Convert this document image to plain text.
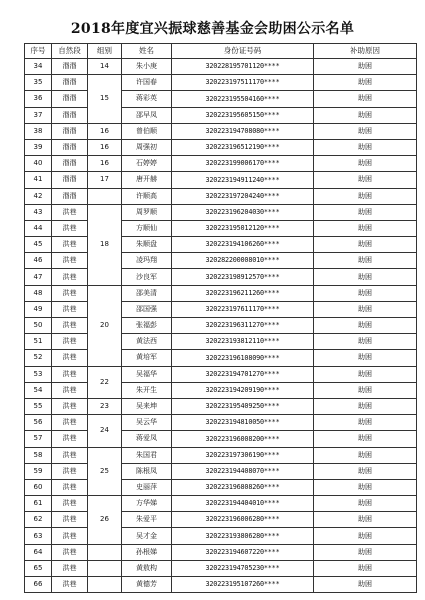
2018年度宜兴振球慈善基金会助困公示名单
序号	自然段	组别	姓名	身份证号码	补助原因
34	湣湣	14	朱小庚	320228195701120****	助困
35	湣湣	15	许国春	320223197511170****	助困
36	湣湣		蒋彩英	320223195504160****	助困
37	湣湣		邵早凤	320223195605150****	助困
38	湣湣	16	曾伯顺	320223194708080****	助困
39	湣湣	16	周强初	320223196512190****	助困
40	湣湣	16	石婷婷	320223199006170****	助困
41	湣湣	17	唐开赫	320223194911240****	助困
42	湣湣		许顺高	320223197204240****	助困
43	洪巷	18	周罗顺	320223196204030****	助困
44	洪巷		方顺仙	320223195012120****	助困
45	洪巷		朱顺盘	320223194106260****	助困
46	洪巷		凌玛翔	320282200008010****	助困
47	洪巷		沙良军	320223198912570****	助困
48	洪巷	20	邵美清	320223196211260****	助困
49	洪巷		邵国强	320223197611170****	助困
50	洪巷		张福彭	320223196311270****	助困
51	洪巷		黄法西	320223193812110****	助困
52	洪巷		黄培军	320223196108090****	助困
53	洪巷	22	吴福华	320223194701270****	助困
54	洪巷		朱开生	320223194209190****	助困
55	洪巷	23	吴来坤	320223195409250****	助困
56	洪巷	24	吴云华	320223194810050****	助困
57	洪巷		蒋爱凤	320223196008200****	助困
58	洪巷	25	朱国君	320223197306190****	助困
59	洪巷		陈根凤	320223194408070****	助困
60	洪巷		史丽萍	320223196808260****	助困
61	洪巷	26	方华娣	320223194404010****	助困
62	洪巷		朱爱平	320223196006280****	助困
63	洪巷		吴才金	320223193806280****	助困
64	洪巷		孙根娣	320223194607220****	助困
65	洪巷		黄敖构	320223194705230****	助困
66	洪巷		黄德芳	320223195107260****	助困
